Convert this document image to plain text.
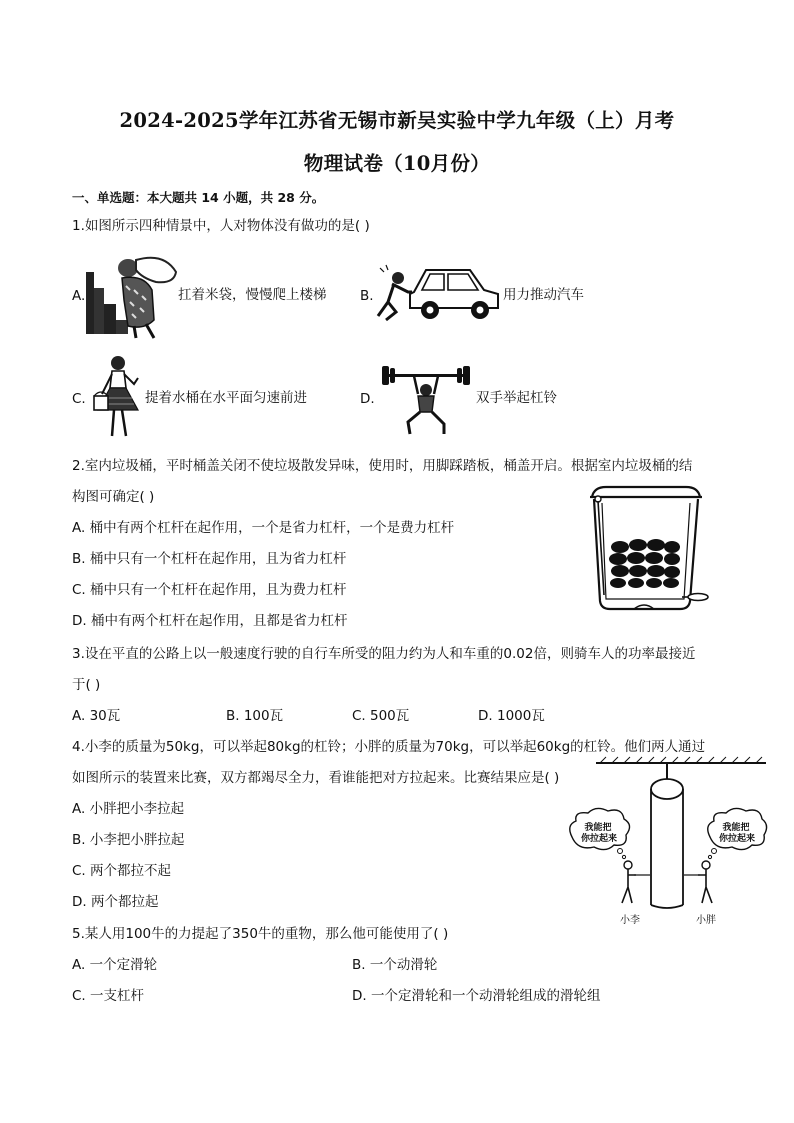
2024-2025学年江苏省无锡市新吴实验中学九年级（上）月考
物理试卷（10月份）
一、单选题：本大题共 14 小题，共 28 分。
1.如图所示四种情景中，人对物体没有做功的是( )
A.	扛着米袋，慢慢爬上楼梯 B.	用力推动汽车
C.	提着水桶在水平面匀速前进	D.	双手举起杠铃
2.室内垃圾桶，平时桶盖关闭不使垃圾散发异味，使用时，用脚踩踏板，桶盖开启。根据室内垃圾桶的结
构图可确定( )
A. 桶中有两个杠杆在起作用，一个是省力杠杆，一个是费力杠杆
B. 桶中只有一个杠杆在起作用，且为省力杠杆
C. 桶中只有一个杠杆在起作用，且为费力杠杆
D. 桶中有两个杠杆在起作用，且都是省力杠杆
3.设在平直的公路上以一般速度行驶的自行车所受的阻力约为人和车重的0.02倍，则骑车人的功率最接近
于( )
A. 30瓦	B. 100瓦	C. 500瓦	D. 1000瓦
4.小李的质量为50kg，可以举起80kg的杠铃；小胖的质量为70kg，可以举起60kg的杠铃。他们两人通过
如图所示的装置来比赛，双方都竭尽全力，看谁能把对方拉起来。比赛结果应是( )
A. 小胖把小李拉起
B. 小李把小胖拉起
C. 两个都拉不起
D. 两个都拉起
我能把
你拉起来
我能把
你拉起来
小李	小胖
5.某人用100牛的力提起了350牛的重物，那么他可能使用了( )
A. 一个定滑轮	B. 一个动滑轮
C. 一支杠杆	D. 一个定滑轮和一个动滑轮组成的滑轮组
